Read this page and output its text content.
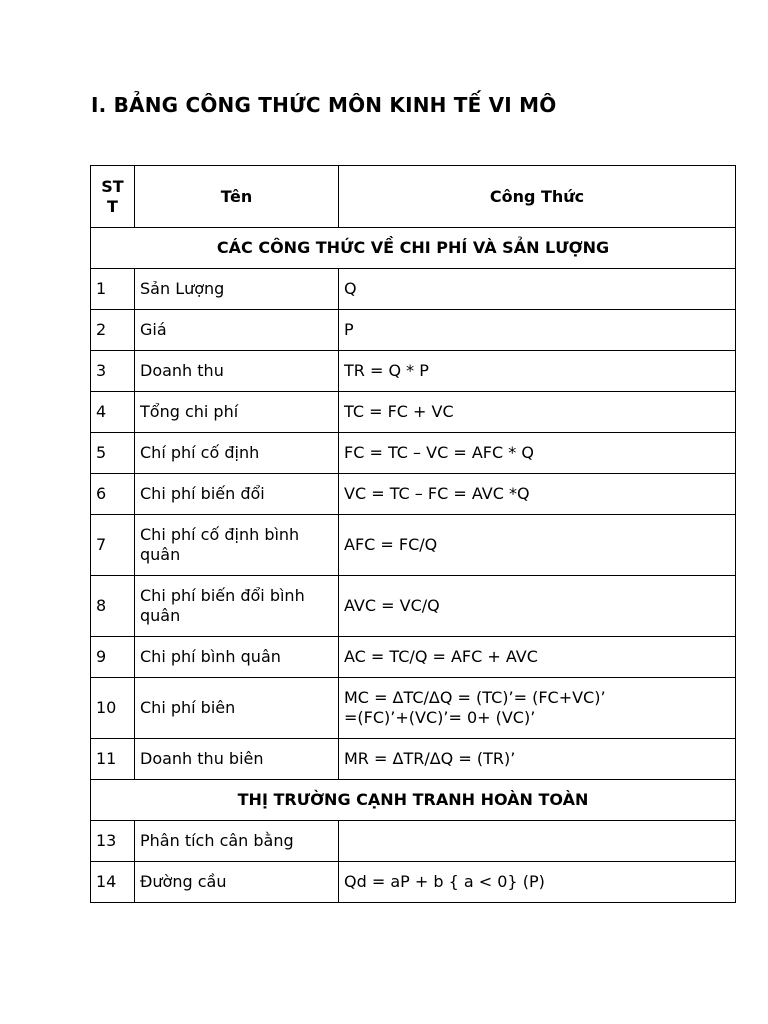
I. BẢNG CÔNG THỨC MÔN KINH TẾ VI MÔ
ST
T	Tên	Công Thức
CÁC CÔNG THỨC VỀ CHI PHÍ VÀ SẢN LƯỢNG		
1	Sản Lượng	Q
2	Giá	P
3	Doanh thu	TR = Q * P
4	Tổng chi phí	TC = FC + VC
5	Chí phí cố định	FC = TC – VC = AFC * Q
6	Chi phí biến đổi	VC = TC – FC = AVC *Q
7	Chi phí cố định bình quân	AFC = FC/Q
8	Chi phí biến đổi bình quân	AVC = VC/Q
9	Chi phí bình quân	AC = TC/Q = AFC + AVC
10	Chi phí biên	MC = ΔTC/ΔQ = (TC)’= (FC+VC)’
=(FC)’+(VC)’= 0+ (VC)’
11	Doanh thu biên	MR = ΔTR/ΔQ = (TR)’
THỊ TRƯỜNG CẠNH TRANH HOÀN TOÀN		
13	Phân tích cân bằng	
14	Đường cầu	Qd = aP + b { a < 0} (P)
